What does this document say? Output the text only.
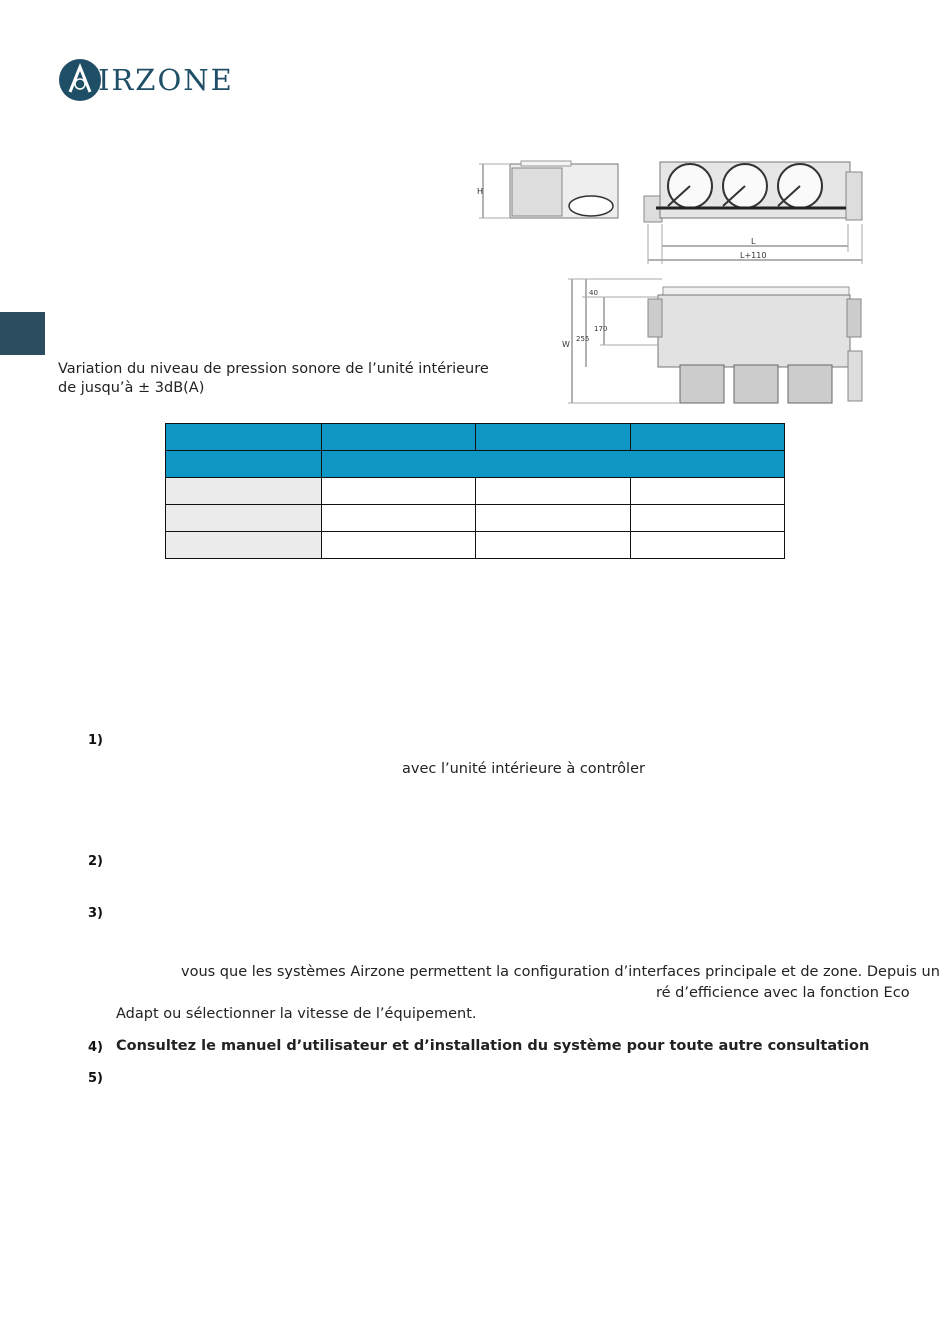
IRZONE
H
L
L+110
W
40
170
255
Variation du niveau de pression sonore de l’unité intérieure
de jusqu’à ± 3dB(A)

1)
avec l’unité intérieure à contrôler
2)
3)
vous que les systèmes Airzone permettent la configuration d’interfaces principale et de zone. Depuis un
ré d’efficience avec la fonction Eco
Adapt ou sélectionner la vitesse de l’équipement.
4) Consultez le manuel d’utilisateur et d’installation du système pour toute autre consultation
5)
